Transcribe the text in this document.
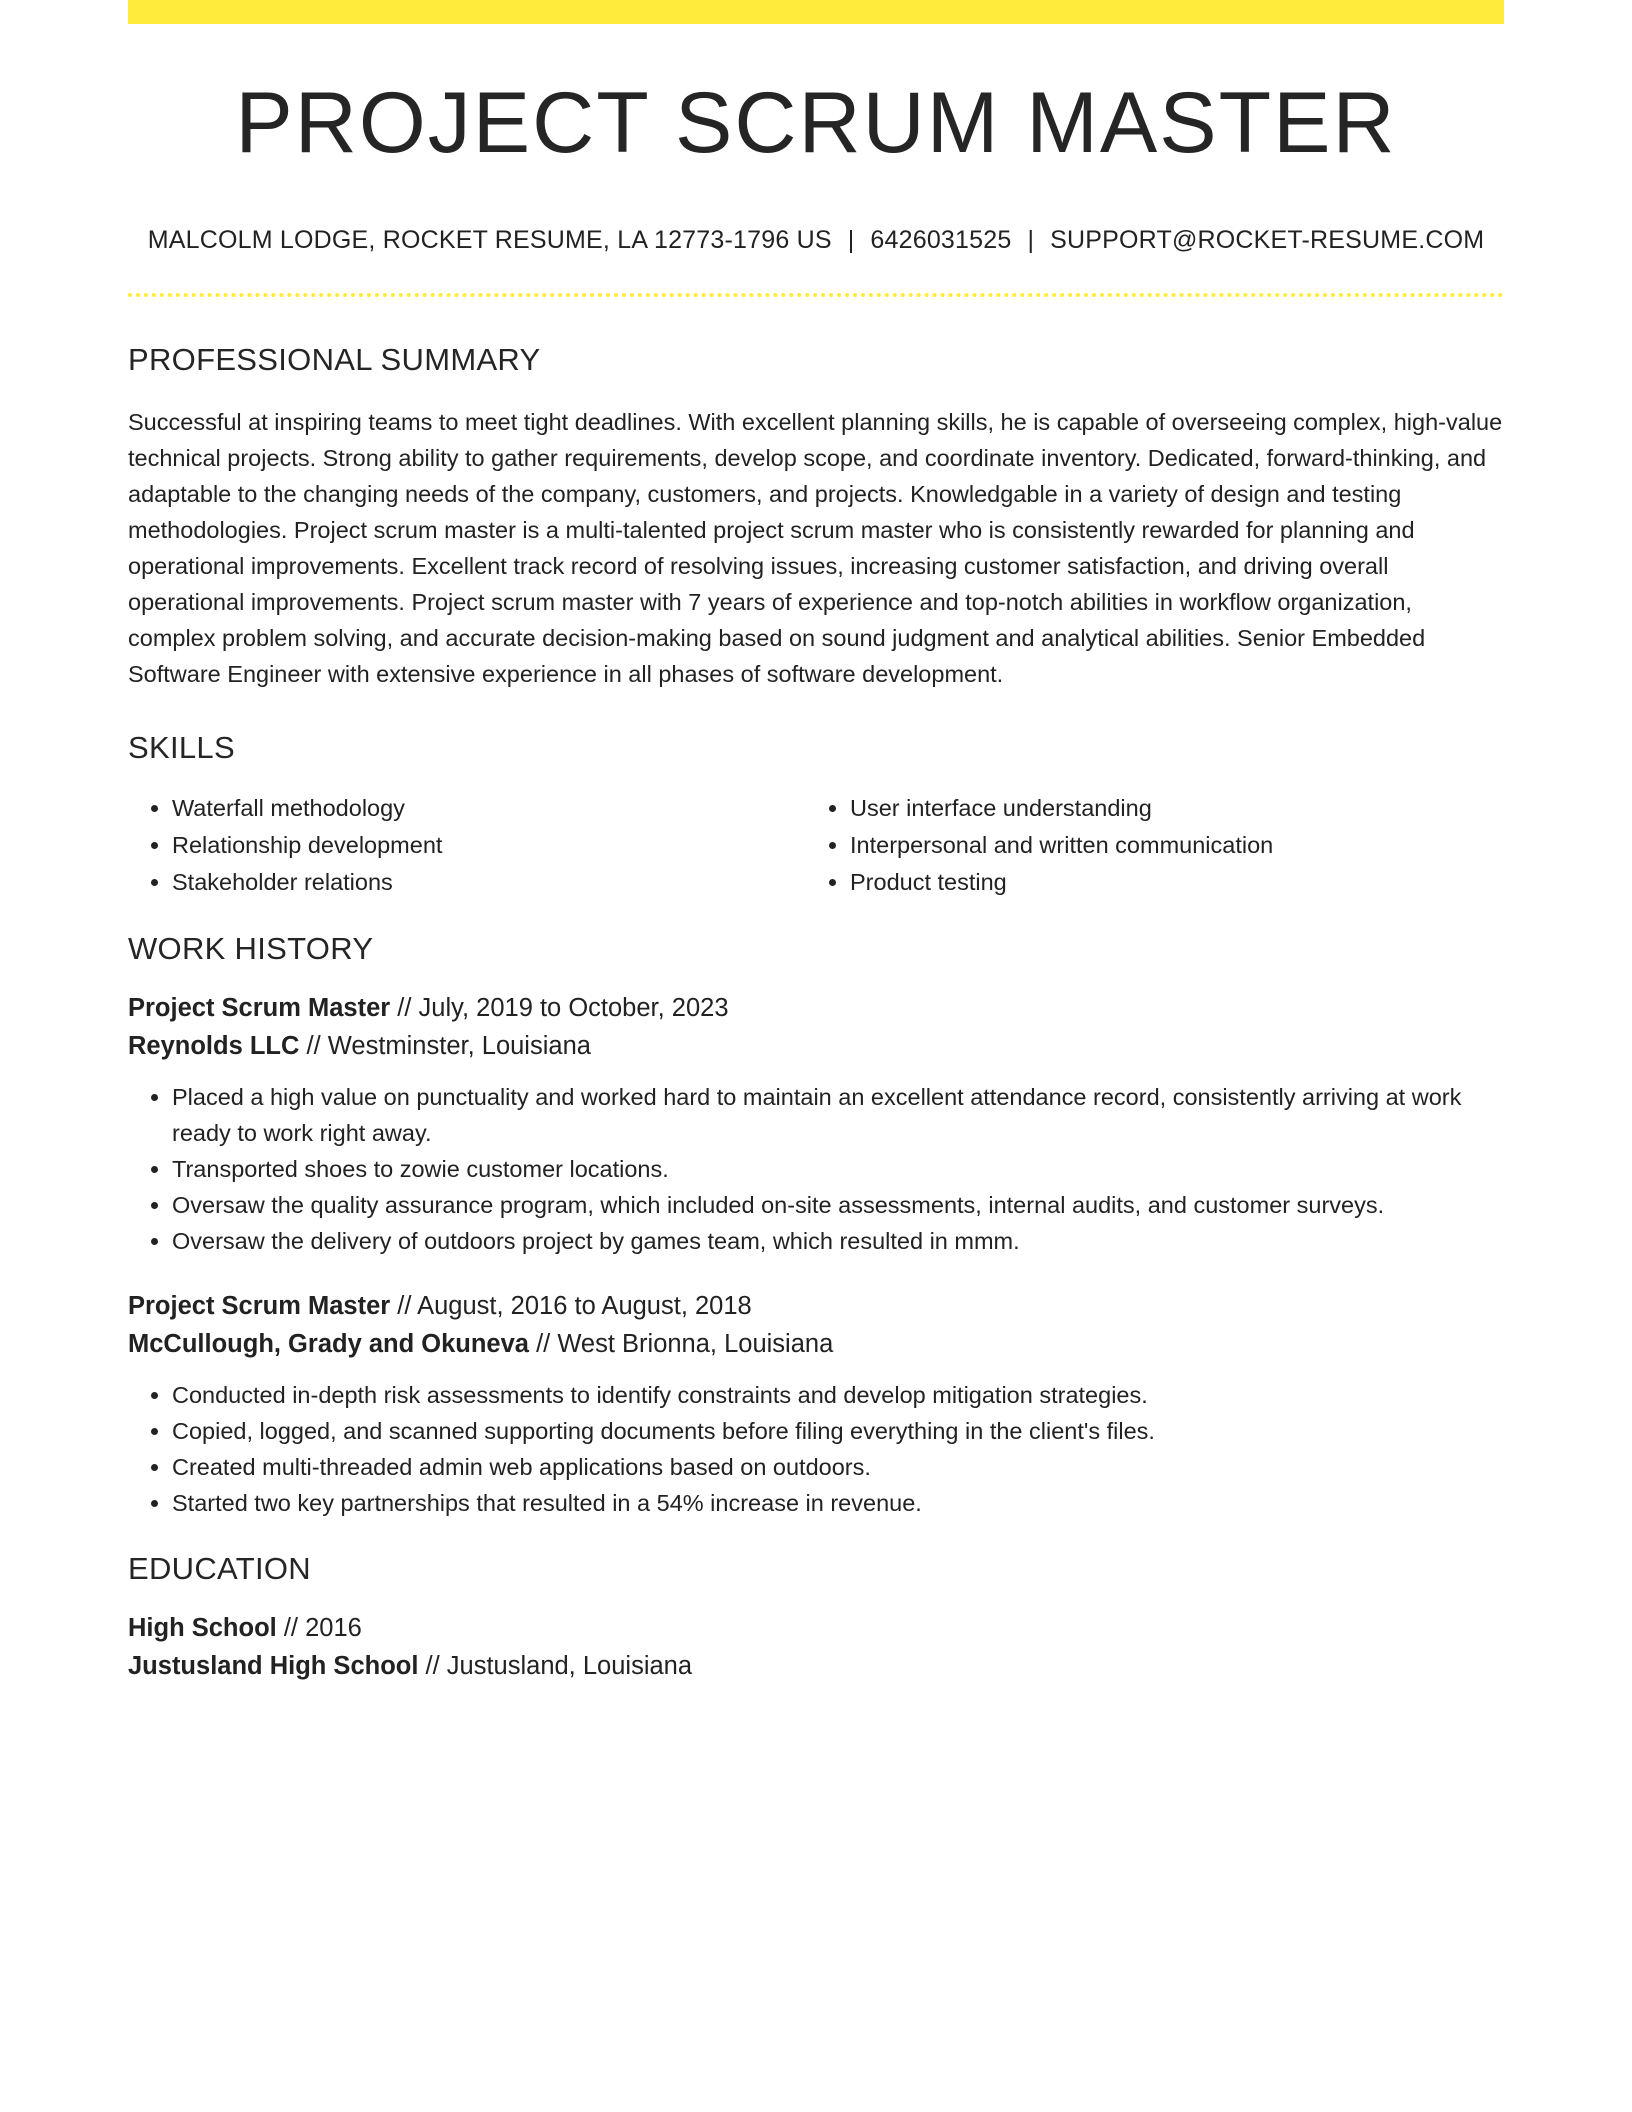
PROJECT SCRUM MASTER
MALCOLM LODGE, ROCKET RESUME, LA 12773-1796 US | 6426031525 | SUPPORT@ROCKET-RESUME.COM
PROFESSIONAL SUMMARY
Successful at inspiring teams to meet tight deadlines. With excellent planning skills, he is capable of overseeing complex, high-value technical projects. Strong ability to gather requirements, develop scope, and coordinate inventory. Dedicated, forward-thinking, and adaptable to the changing needs of the company, customers, and projects. Knowledgable in a variety of design and testing methodologies. Project scrum master is a multi-talented project scrum master who is consistently rewarded for planning and operational improvements. Excellent track record of resolving issues, increasing customer satisfaction, and driving overall operational improvements. Project scrum master with 7 years of experience and top-notch abilities in workflow organization, complex problem solving, and accurate decision-making based on sound judgment and analytical abilities. Senior Embedded Software Engineer with extensive experience in all phases of software development.
SKILLS
• Waterfall methodology
• Relationship development
• Stakeholder relations
• User interface understanding
• Interpersonal and written communication
• Product testing
WORK HISTORY
Project Scrum Master // July, 2019 to October, 2023
Reynolds LLC // Westminster, Louisiana
• Placed a high value on punctuality and worked hard to maintain an excellent attendance record, consistently arriving at work ready to work right away.
• Transported shoes to zowie customer locations.
• Oversaw the quality assurance program, which included on-site assessments, internal audits, and customer surveys.
• Oversaw the delivery of outdoors project by games team, which resulted in mmm.
Project Scrum Master // August, 2016 to August, 2018
McCullough, Grady and Okuneva // West Brionna, Louisiana
• Conducted in-depth risk assessments to identify constraints and develop mitigation strategies.
• Copied, logged, and scanned supporting documents before filing everything in the client's files.
• Created multi-threaded admin web applications based on outdoors.
• Started two key partnerships that resulted in a 54% increase in revenue.
EDUCATION
High School // 2016
Justusland High School // Justusland, Louisiana
